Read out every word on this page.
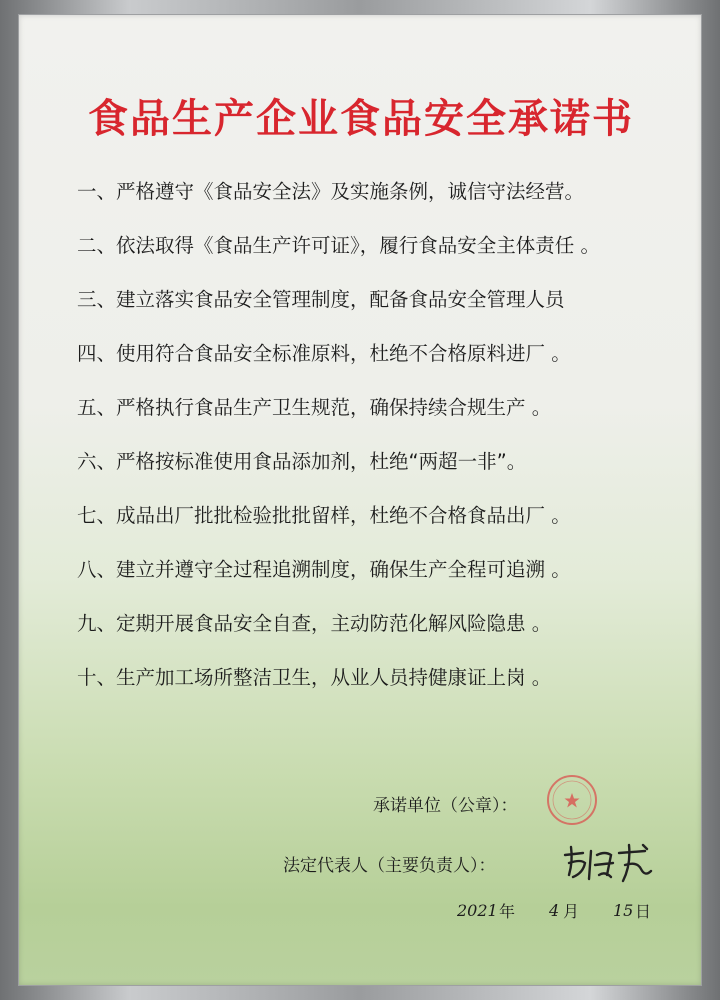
食品生产企业食品安全承诺书
一、严格遵守《食品安全法》及实施条例，诚信守法经营。
二、依法取得《食品生产许可证》，履行食品安全主体责任 。
三、建立落实食品安全管理制度，配备食品安全管理人员
四、使用符合食品安全标准原料，杜绝不合格原料进厂 。
五、严格执行食品生产卫生规范，确保持续合规生产 。
六、严格按标准使用食品添加剂，杜绝“两超一非”。
七、成品出厂批批检验批批留样，杜绝不合格食品出厂 。
八、建立并遵守全过程追溯制度，确保生产全程可追溯 。
九、定期开展食品安全自查，主动防范化解风险隐患 。
十、生产加工场所整洁卫生，从业人员持健康证上岗 。
承诺单位（公章）：
法定代表人（主要负责人）：
2021 年 4 月 15 日
